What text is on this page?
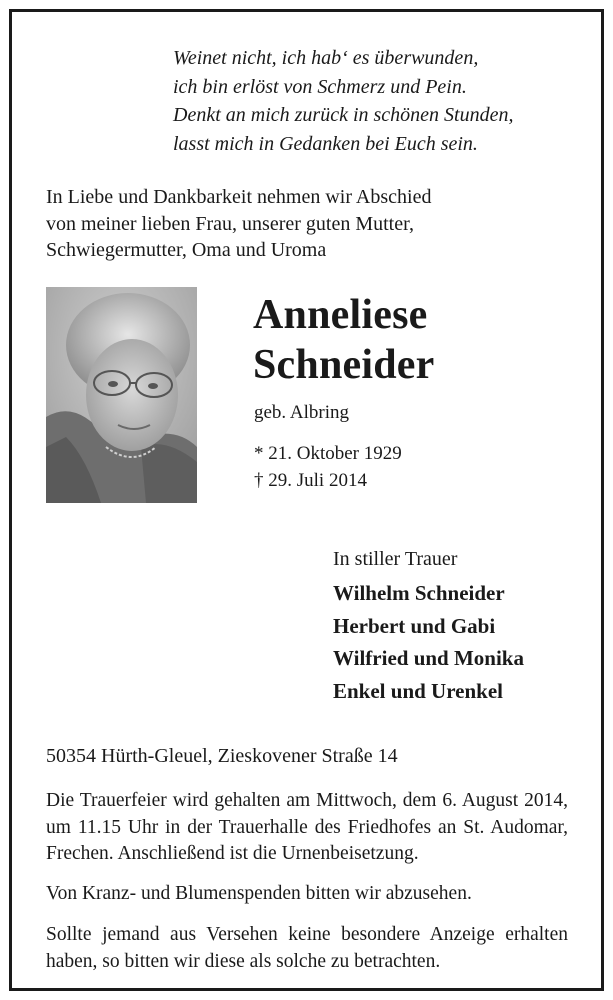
Weinet nicht, ich hab‘ es überwunden,
ich bin erlöst von Schmerz und Pein.
Denkt an mich zurück in schönen Stunden,
lasst mich in Gedanken bei Euch sein.
In Liebe und Dankbarkeit nehmen wir Abschied
von meiner lieben Frau, unserer guten Mutter,
Schwiegermutter, Oma und Uroma
Anneliese
Schneider
geb. Albring
* 21. Oktober 1929
† 29. Juli 2014
In stiller Trauer
Wilhelm Schneider
Herbert und Gabi
Wilfried und Monika
Enkel und Urenkel
50354 Hürth-Gleuel, Zieskovener Straße 14
Die Trauerfeier wird gehalten am Mittwoch, dem 6. August 2014, um 11.15 Uhr in der Trauerhalle des Friedhofes an St. Audomar, Frechen. Anschließend ist die Urnenbeisetzung.
Von Kranz- und Blumenspenden bitten wir abzusehen.
Sollte jemand aus Versehen keine besondere Anzeige erhalten haben, so bitten wir diese als solche zu betrachten.
